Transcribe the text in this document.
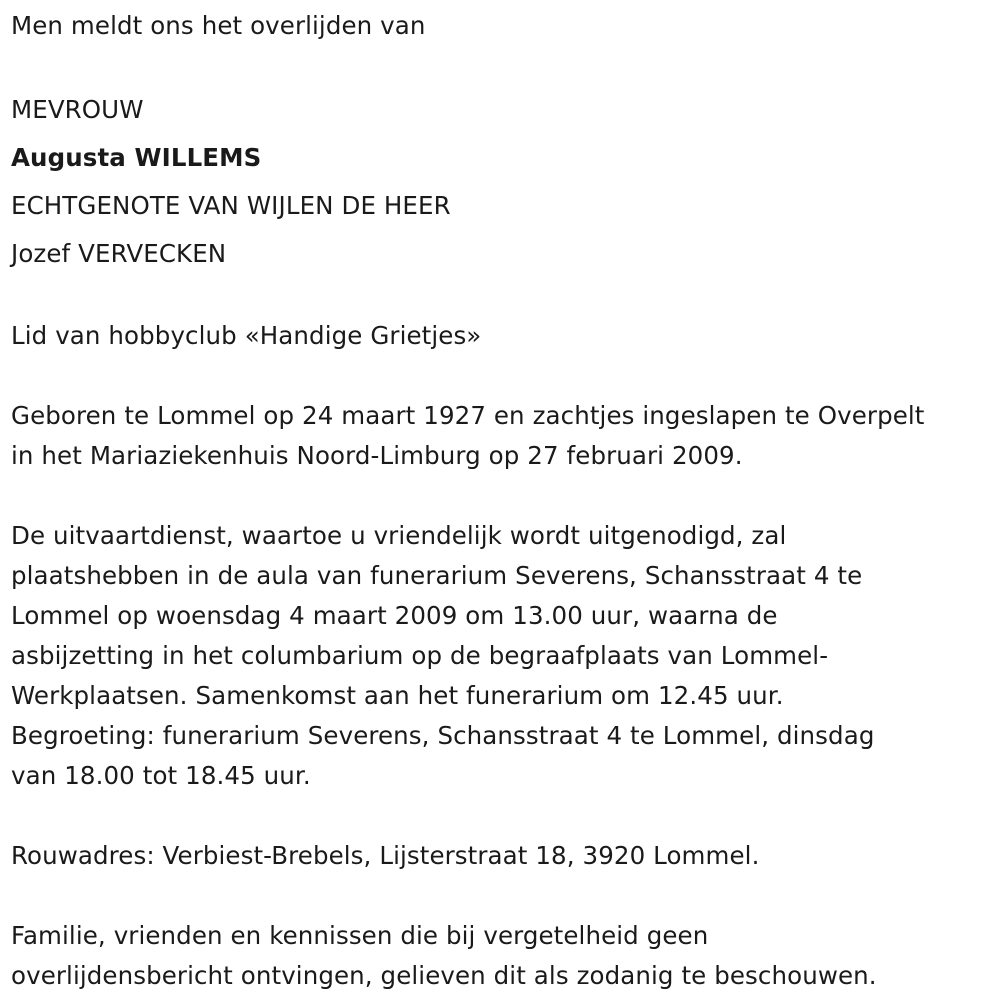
Men meldt ons het overlijden van
MEVROUW
Augusta WILLEMS
ECHTGENOTE VAN WIJLEN DE HEER
Jozef VERVECKEN
Lid van hobbyclub «Handige Grietjes»
Geboren te Lommel op 24 maart 1927 en zachtjes ingeslapen te Overpelt
in het Mariaziekenhuis Noord-Limburg op 27 februari 2009.
De uitvaartdienst, waartoe u vriendelijk wordt uitgenodigd, zal
plaatshebben in de aula van funerarium Severens, Schansstraat 4 te
Lommel op woensdag 4 maart 2009 om 13.00 uur, waarna de
asbijzetting in het columbarium op de begraafplaats van Lommel-
Werkplaatsen. Samenkomst aan het funerarium om 12.45 uur.
Begroeting: funerarium Severens, Schansstraat 4 te Lommel, dinsdag
van 18.00 tot 18.45 uur.
Rouwadres: Verbiest-Brebels, Lijsterstraat 18, 3920 Lommel.
Familie, vrienden en kennissen die bij vergetelheid geen
overlijdensbericht ontvingen, gelieven dit als zodanig te beschouwen.
